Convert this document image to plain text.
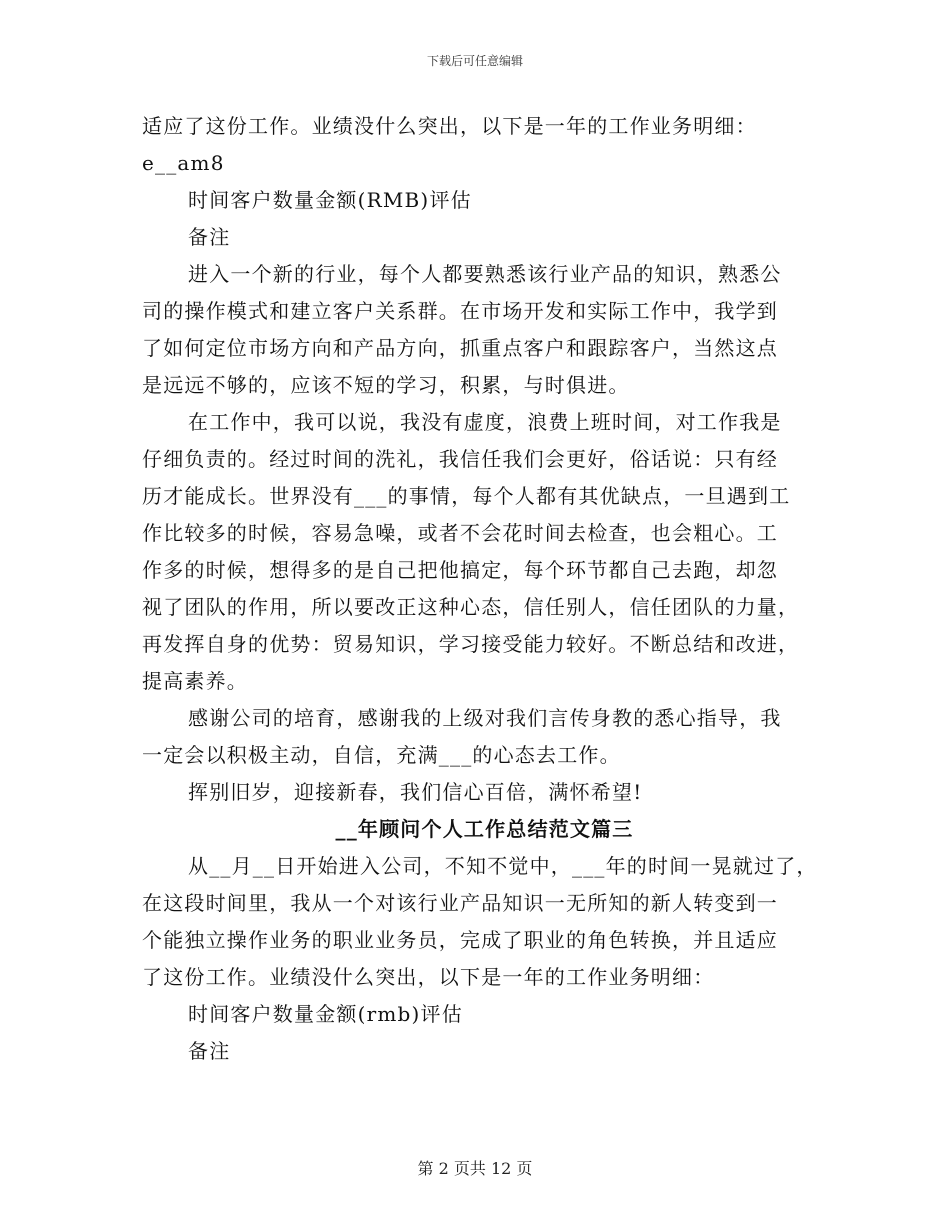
下载后可任意编辑
适应了这份工作。业绩没什么突出，以下是一年的工作业务明细：
e__am8
时间客户数量金额(RMB)评估
备注
进入一个新的行业，每个人都要熟悉该行业产品的知识，熟悉公
司的操作模式和建立客户关系群。在市场开发和实际工作中，我学到
了如何定位市场方向和产品方向，抓重点客户和跟踪客户，当然这点
是远远不够的，应该不短的学习，积累，与时俱进。
在工作中，我可以说，我没有虚度，浪费上班时间，对工作我是
仔细负责的。经过时间的洗礼，我信任我们会更好，俗话说：只有经
历才能成长。世界没有___的事情，每个人都有其优缺点，一旦遇到工
作比较多的时候，容易急噪，或者不会花时间去检查，也会粗心。工
作多的时候，想得多的是自己把他搞定，每个环节都自己去跑，却忽
视了团队的作用，所以要改正这种心态，信任别人，信任团队的力量，
再发挥自身的优势：贸易知识，学习接受能力较好。不断总结和改进，
提高素养。
感谢公司的培育，感谢我的上级对我们言传身教的悉心指导，我
一定会以积极主动，自信，充满___的心态去工作。
挥别旧岁，迎接新春，我们信心百倍，满怀希望!
__年顾问个人工作总结范文篇三
从__月__日开始进入公司，不知不觉中，___年的时间一晃就过了，
在这段时间里，我从一个对该行业产品知识一无所知的新人转变到一
个能独立操作业务的职业业务员，完成了职业的角色转换，并且适应
了这份工作。业绩没什么突出，以下是一年的工作业务明细：
时间客户数量金额(rmb)评估
备注
第 2 页共 12 页
